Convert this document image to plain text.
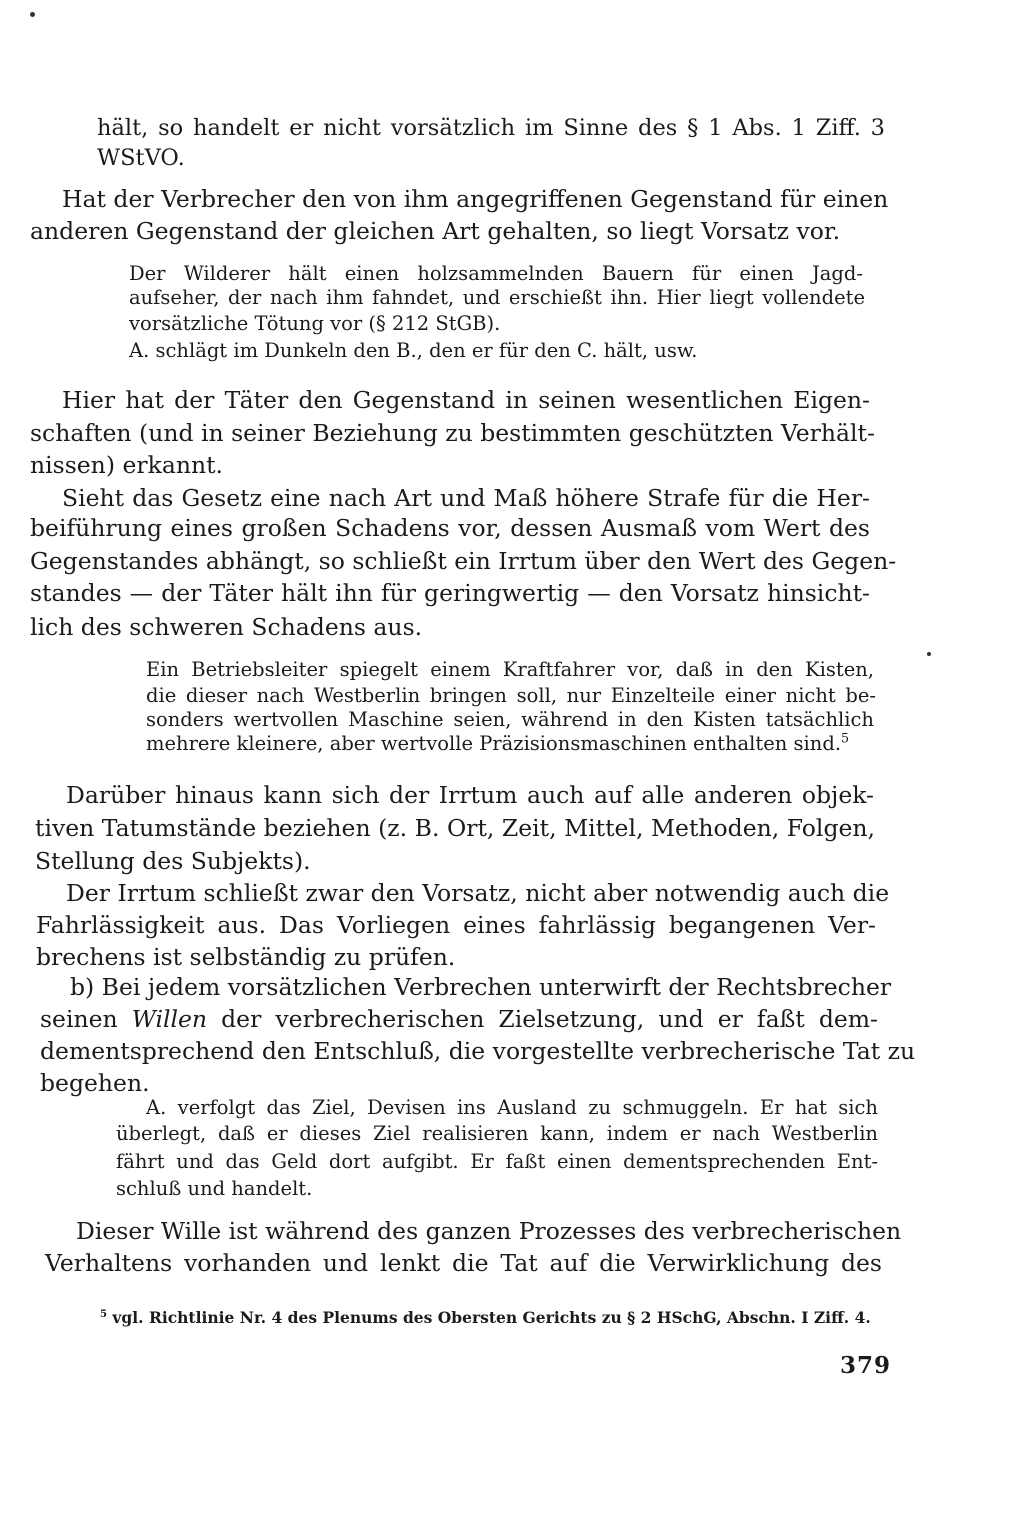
hält, so handelt er nicht vorsätzlich im Sinne des § 1 Abs. 1 Ziff. 3
WStVO.
Hat der Verbrecher den von ihm angegriffenen Gegenstand für einen
anderen Gegenstand der gleichen Art gehalten, so liegt Vorsatz vor.
Der Wilderer hält einen holzsammelnden Bauern für einen Jagd-
aufseher, der nach ihm fahndet, und erschießt ihn. Hier liegt vollendete
vorsätzliche Tötung vor (§ 212 StGB).
A. schlägt im Dunkeln den B., den er für den C. hält, usw.
Hier hat der Täter den Gegenstand in seinen wesentlichen Eigen-
schaften (und in seiner Beziehung zu bestimmten geschützten Verhält-
nissen) erkannt.
Sieht das Gesetz eine nach Art und Maß höhere Strafe für die Her-
beiführung eines großen Schadens vor, dessen Ausmaß vom Wert des
Gegenstandes abhängt, so schließt ein Irrtum über den Wert des Gegen-
standes — der Täter hält ihn für geringwertig — den Vorsatz hinsicht-
lich des schweren Schadens aus.
Ein Betriebsleiter spiegelt einem Kraftfahrer vor, daß in den Kisten,
die dieser nach Westberlin bringen soll, nur Einzelteile einer nicht be-
sonders wertvollen Maschine seien, während in den Kisten tatsächlich
mehrere kleinere, aber wertvolle Präzisionsmaschinen enthalten sind.$^5$
Darüber hinaus kann sich der Irrtum auch auf alle anderen objek-
tiven Tatumstände beziehen (z. B. Ort, Zeit, Mittel, Methoden, Folgen,
Stellung des Subjekts).
Der Irrtum schließt zwar den Vorsatz, nicht aber notwendig auch die
Fahrlässigkeit aus. Das Vorliegen eines fahrlässig begangenen Ver-
brechens ist selbständig zu prüfen.
b) Bei jedem vorsätzlichen Verbrechen unterwirft der Rechtsbrecher
seinen Willen der verbrecherischen Zielsetzung, und er faßt dem-
dementsprechend den Entschluß, die vorgestellte verbrecherische Tat zu
begehen.
A. verfolgt das Ziel, Devisen ins Ausland zu schmuggeln. Er hat sich
überlegt, daß er dieses Ziel realisieren kann, indem er nach Westberlin
fährt und das Geld dort aufgibt. Er faßt einen dementsprechenden Ent-
schluß und handelt.
Dieser Wille ist während des ganzen Prozesses des verbrecherischen
Verhaltens vorhanden und lenkt die Tat auf die Verwirklichung des
$^5$ vgl. Richtlinie Nr. 4 des Plenums des Obersten Gerichts zu § 2 HSchG, Abschn. I Ziff. 4.
379
